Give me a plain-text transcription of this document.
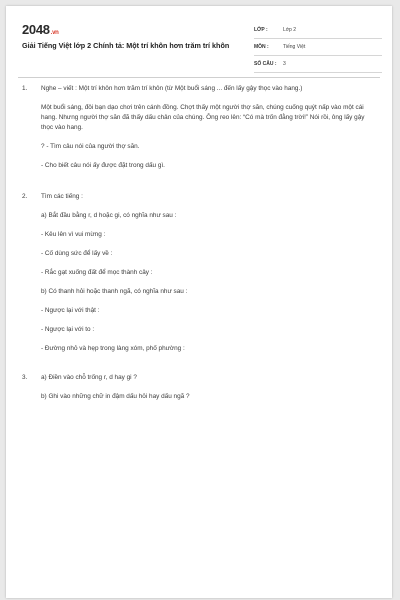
2048.vn
Giải Tiếng Việt lớp 2 Chính tả: Một trí khôn hơn trăm trí khôn
LỚP :	Lớp 2
MÔN :	Tiếng Việt
SỐ CÂU :	3
1.	Nghe – viết : Một trí khôn hơn trăm trí khôn (từ Một buổi sáng ... đến lấy gậy thọc vào hang.)

Một buổi sáng, đôi bạn dạo chơi trên cánh đồng. Chợt thấy một người thợ săn, chúng cuống quýt nấp vào một cái hang. Nhưng người thợ săn đã thấy dấu chân của chúng. Ông reo lên: “Có mà trốn đằng trời!” Nói rồi, ông lấy gậy thọc vào hang.

? - Tìm câu nói của người thợ săn.

- Cho biết câu nói ấy được đặt trong dấu gì.

2.	Tìm các tiếng :

a) Bắt đầu bằng r, d hoặc gi, có nghĩa như sau :

- Kêu lên vì vui mừng :

- Cố dùng sức để lấy về :

- Rắc gạt xuống đất để mọc thành cây :

b) Có thanh hỏi hoặc thanh ngã, có nghĩa như sau :

- Ngược lại với thật :

- Ngược lại với to :

- Đường nhỏ và hẹp trong làng xóm, phố phường :

3.	a) Điền vào chỗ trống r, d hay gi ?

b) Ghi vào những chữ in đậm dấu hỏi hay dấu ngã ?
